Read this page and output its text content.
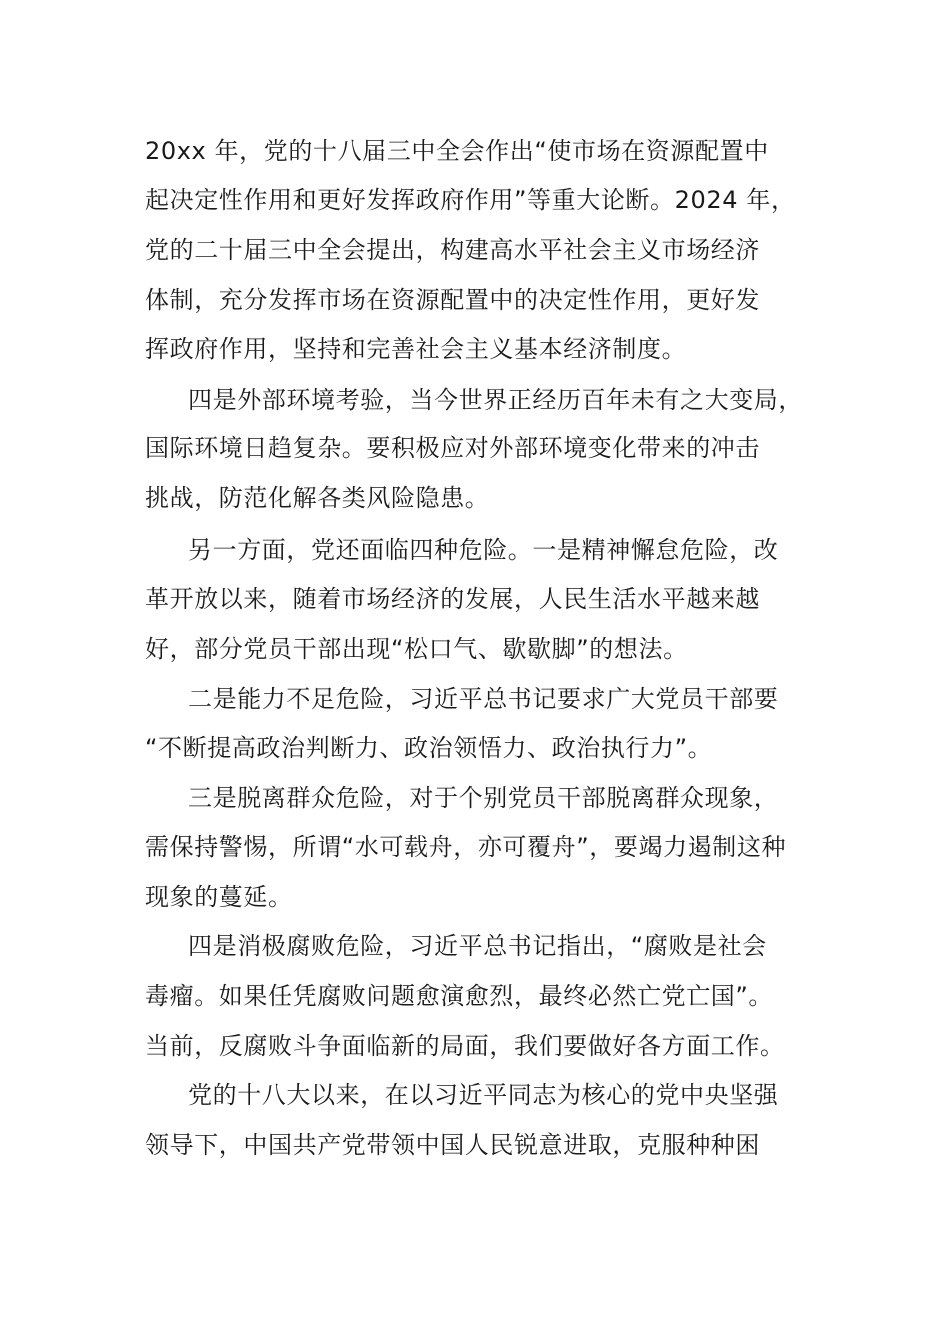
20xx 年，党的十八届三中全会作出“使市场在资源配置中
起决定性作用和更好发挥政府作用”等重大论断。2024 年，
党的二十届三中全会提出，构建高水平社会主义市场经济
体制，充分发挥市场在资源配置中的决定性作用，更好发
挥政府作用，坚持和完善社会主义基本经济制度。
四是外部环境考验，当今世界正经历百年未有之大变局，
国际环境日趋复杂。要积极应对外部环境变化带来的冲击
挑战，防范化解各类风险隐患。
另一方面，党还面临四种危险。一是精神懈怠危险，改
革开放以来，随着市场经济的发展，人民生活水平越来越
好，部分党员干部出现“松口气、歇歇脚”的想法。
二是能力不足危险，习近平总书记要求广大党员干部要
“不断提高政治判断力、政治领悟力、政治执行力”。
三是脱离群众危险，对于个别党员干部脱离群众现象，
需保持警惕，所谓“水可载舟，亦可覆舟”，要竭力遏制这种
现象的蔓延。
四是消极腐败危险，习近平总书记指出，“腐败是社会
毒瘤。如果任凭腐败问题愈演愈烈，最终必然亡党亡国”。
当前，反腐败斗争面临新的局面，我们要做好各方面工作。
党的十八大以来，在以习近平同志为核心的党中央坚强
领导下，中国共产党带领中国人民锐意进取，克服种种困
